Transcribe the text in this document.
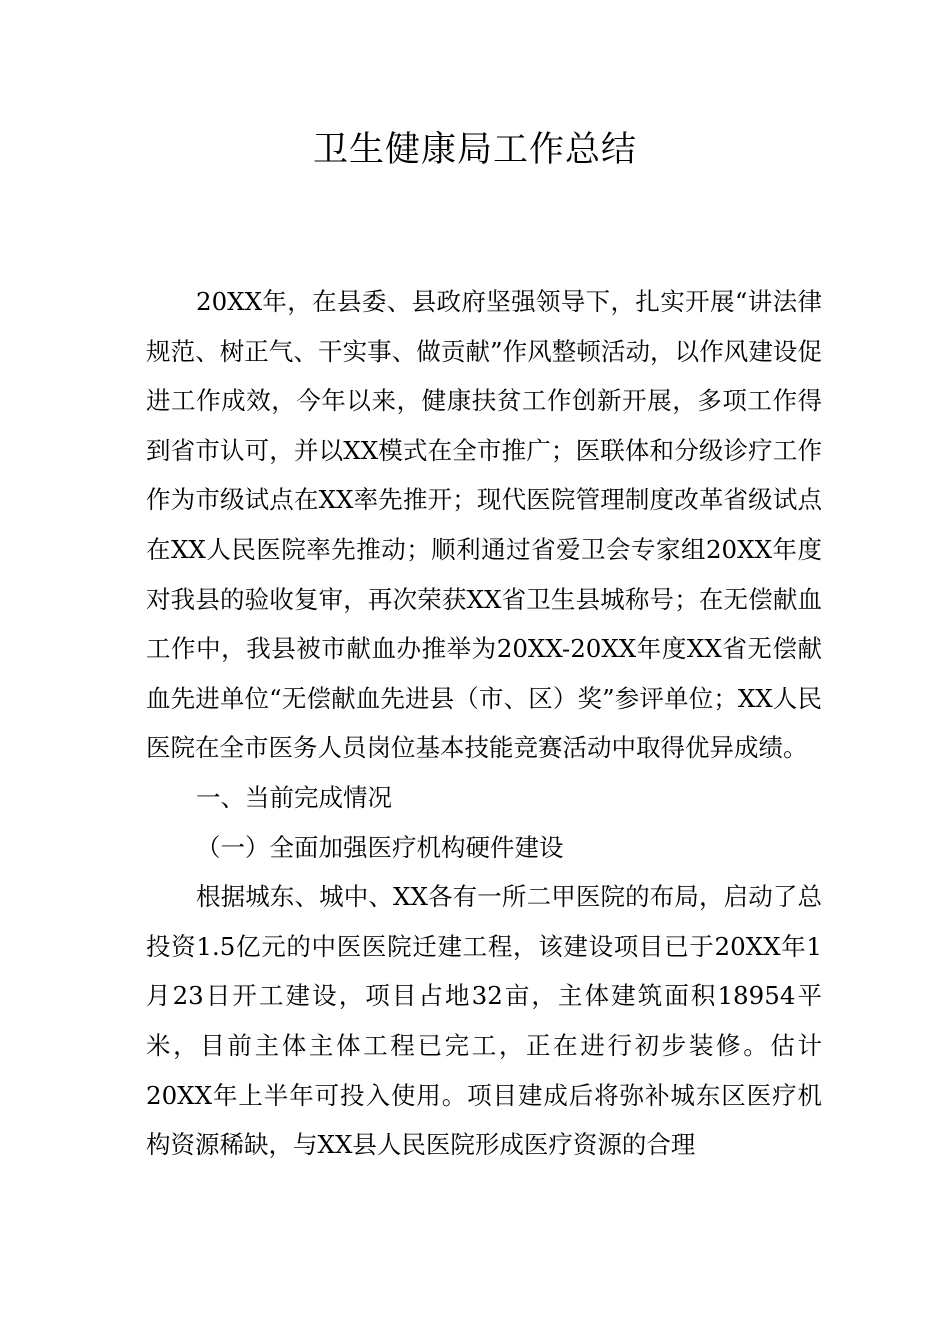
卫生健康局工作总结

20XX年，在县委、县政府坚强领导下，扎实开展“讲法律规范、树正气、干实事、做贡献”作风整顿活动，以作风建设促进工作成效，今年以来，健康扶贫工作创新开展，多项工作得到省市认可，并以XX模式在全市推广；医联体和分级诊疗工作作为市级试点在XX率先推开；现代医院管理制度改革省级试点在XX人民医院率先推动；顺利通过省爱卫会专家组20XX年度对我县的验收复审，再次荣获XX省卫生县城称号；在无偿献血工作中，我县被市献血办推举为20XX-20XX年度XX省无偿献血先进单位“无偿献血先进县（市、区）奖”参评单位；XX人民医院在全市医务人员岗位基本技能竞赛活动中取得优异成绩。

一、当前完成情况

（一）全面加强医疗机构硬件建设

根据城东、城中、XX各有一所二甲医院的布局，启动了总投资1.5亿元的中医医院迁建工程，该建设项目已于20XX年1月23日开工建设，项目占地32亩，主体建筑面积18954平米，目前主体主体工程已完工，正在进行初步装修。估计20XX年上半年可投入使用。项目建成后将弥补城东区医疗机构资源稀缺，与XX县人民医院形成医疗资源的合理
